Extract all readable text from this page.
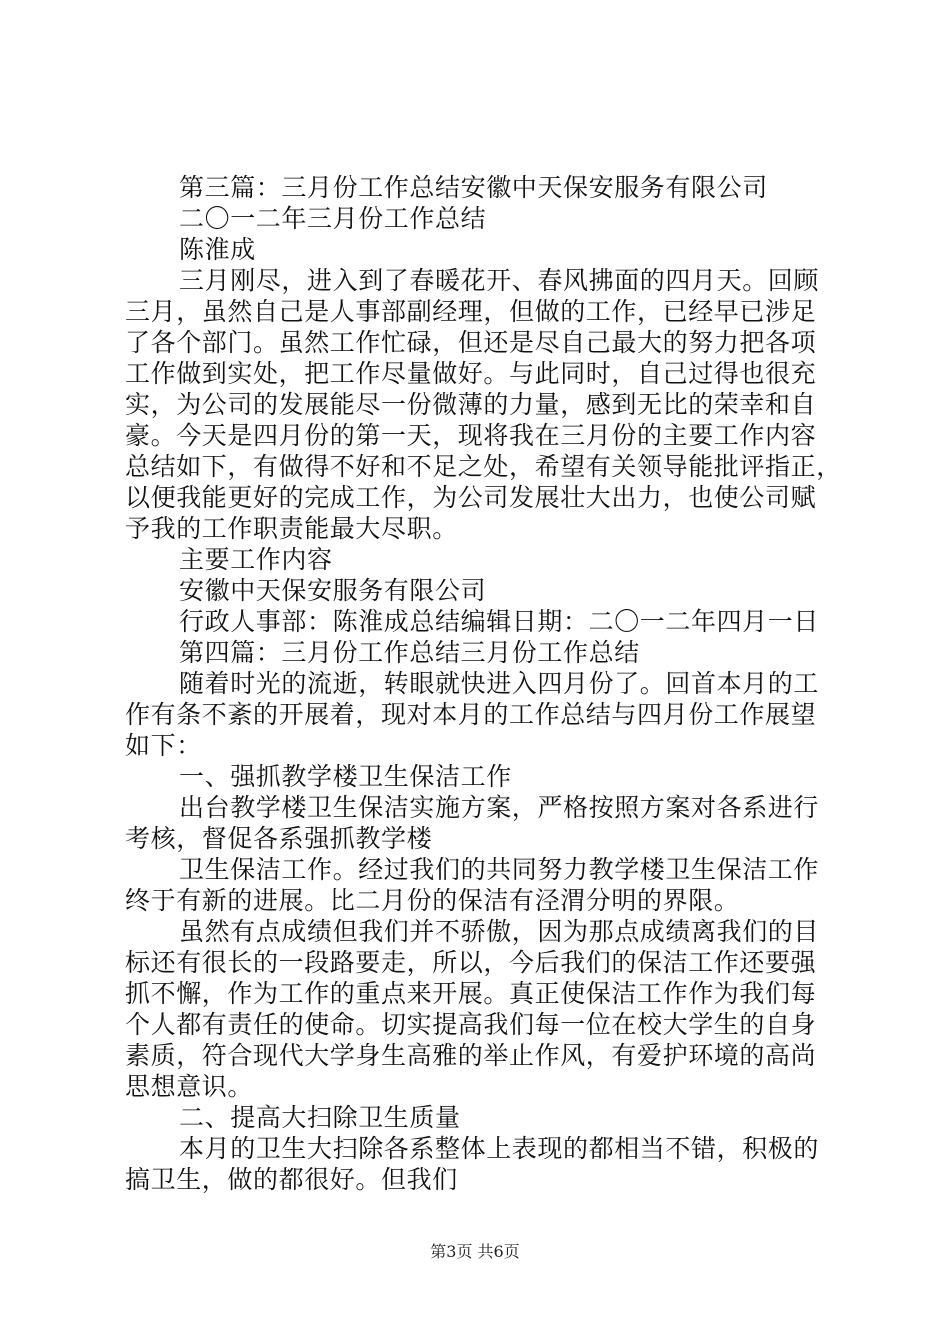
第三篇：三月份工作总结安徽中天保安服务有限公司
二〇一二年三月份工作总结
陈淮成
三月刚尽，进入到了春暖花开、春风拂面的四月天。回顾
三月，虽然自己是人事部副经理，但做的工作，已经早已涉足
了各个部门。虽然工作忙碌，但还是尽自己最大的努力把各项
工作做到实处，把工作尽量做好。与此同时，自己过得也很充
实，为公司的发展能尽一份微薄的力量，感到无比的荣幸和自
豪。今天是四月份的第一天，现将我在三月份的主要工作内容
总结如下，有做得不好和不足之处，希望有关领导能批评指正，
以便我能更好的完成工作，为公司发展壮大出力，也使公司赋
予我的工作职责能最大尽职。
主要工作内容
安徽中天保安服务有限公司
行政人事部：陈淮成总结编辑日期：二〇一二年四月一日
第四篇：三月份工作总结三月份工作总结
随着时光的流逝，转眼就快进入四月份了。回首本月的工
作有条不紊的开展着，现对本月的工作总结与四月份工作展望
如下：
一、强抓教学楼卫生保洁工作
出台教学楼卫生保洁实施方案，严格按照方案对各系进行
考核，督促各系强抓教学楼
卫生保洁工作。经过我们的共同努力教学楼卫生保洁工作
终于有新的进展。比二月份的保洁有泾渭分明的界限。
虽然有点成绩但我们并不骄傲，因为那点成绩离我们的目
标还有很长的一段路要走，所以，今后我们的保洁工作还要强
抓不懈，作为工作的重点来开展。真正使保洁工作作为我们每
个人都有责任的使命。切实提高我们每一位在校大学生的自身
素质，符合现代大学身生高雅的举止作风，有爱护环境的高尚
思想意识。
二、提高大扫除卫生质量
本月的卫生大扫除各系整体上表现的都相当不错，积极的
搞卫生，做的都很好。但我们
第3页 共6页
